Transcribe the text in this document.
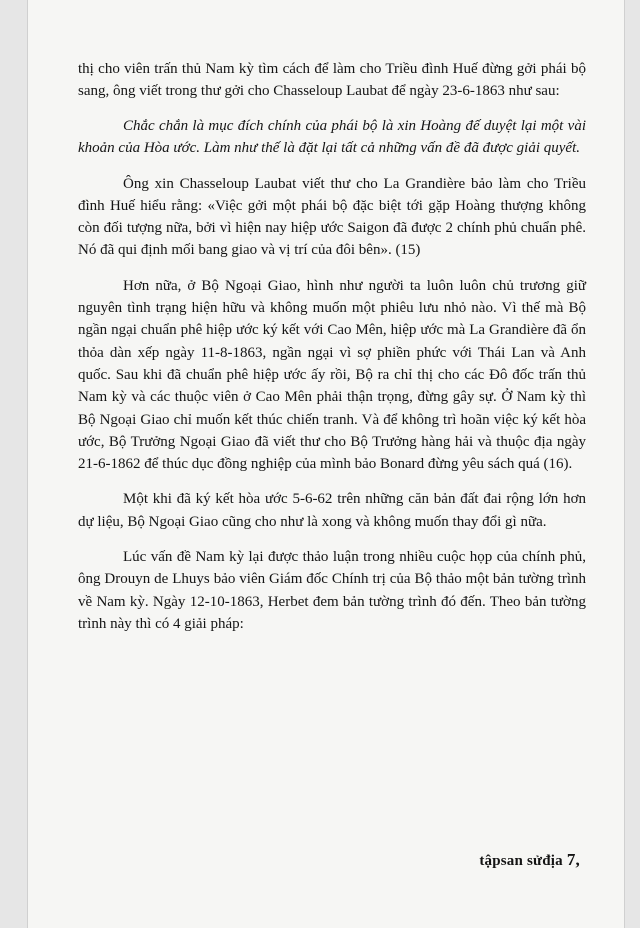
thị cho viên trấn thủ Nam kỳ tìm cách để làm cho Triều đình Huế đừng gởi phái bộ sang, ông viết trong thư gởi cho Chasseloup Laubat để ngày 23-6-1863 như sau:

Chắc chắn là mục đích chính của phái bộ là xin Hoàng đế duyệt lại một vài khoản của Hòa ước. Làm như thế là đặt lại tất cả những vấn đề đã được giải quyết.

Ông xin Chasseloup Laubat viết thư cho La Grandière bảo làm cho Triều đình Huế hiểu rằng: «Việc gởi một phái bộ đặc biệt tới gặp Hoàng thượng không còn đối tượng nữa, bởi vì hiện nay hiệp ước Saigon đã được 2 chính phủ chuẩn phê. Nó đã qui định mối bang giao và vị trí của đôi bên». (15)

Hơn nữa, ở Bộ Ngoại Giao, hình như người ta luôn luôn chủ trương giữ nguyên tình trạng hiện hữu và không muốn một phiêu lưu nhỏ nào. Vì thế mà Bộ ngần ngại chuẩn phê hiệp ước ký kết với Cao Mên, hiệp ước mà La Grandière đã ổn thỏa dàn xếp ngày 11-8-1863, ngần ngại vì sợ phiền phức với Thái Lan và Anh quốc. Sau khi đã chuẩn phê hiệp ước ấy rồi, Bộ ra chỉ thị cho các Đô đốc trấn thủ Nam kỳ và các thuộc viên ở Cao Mên phải thận trọng, đừng gây sự. Ở Nam kỳ thì Bộ Ngoại Giao chỉ muốn kết thúc chiến tranh. Và để không trì hoãn việc ký kết hòa ước, Bộ Trưởng Ngoại Giao đã viết thư cho Bộ Trưởng hàng hải và thuộc địa ngày 21-6-1862 để thúc dục đồng nghiệp của mình bảo Bonard đừng yêu sách quá (16).

Một khi đã ký kết hòa ước 5-6-62 trên những căn bản đất đai rộng lớn hơn dự liệu, Bộ Ngoại Giao cũng cho như là xong và không muốn thay đổi gì nữa.

Lúc vấn đề Nam kỳ lại được thảo luận trong nhiều cuộc họp của chính phủ, ông Drouyn de Lhuys bảo viên Giám đốc Chính trị của Bộ thảo một bản tường trình về Nam kỳ. Ngày 12-10-1863, Herbet đem bản tường trình đó đến. Theo bản tường trình này thì có 4 giải pháp:

tậpsan sửđịa 7,
